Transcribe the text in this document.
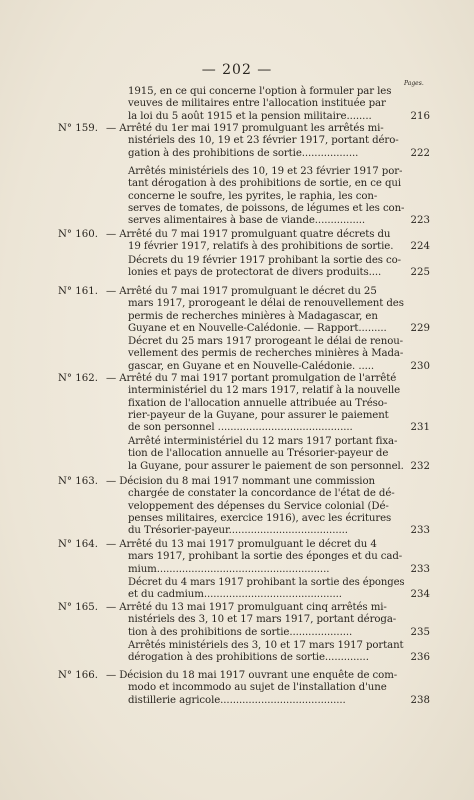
— 202 —
Pages.
1915, en ce qui concerne l'option à formuler par les
veuves de militaires entre l'allocation instituée par
la loi du 5 août 1915 et la pension militaire........	216
N° 159. — Arrêté du 1er mai 1917 promulguant les arrêtés mi-
nistériels des 10, 19 et 23 février 1917, portant déro-
gation à des prohibitions de sortie..................	222
Arrêtés ministériels des 10, 19 et 23 février 1917 por-
tant dérogation à des prohibitions de sortie, en ce qui
concerne le soufre, les pyrites, le raphia, les con-
serves de tomates, de poissons, de légumes et les con-
serves alimentaires à base de viande................	223
N° 160. — Arrêté du 7 mai 1917 promulguant quatre décrets du
19 février 1917, relatifs à des prohibitions de sortie.	224
Décrets du 19 février 1917 prohibant la sortie des co-
lonies et pays de protectorat de divers produits....	225
N° 161. — Arrêté du 7 mai 1917 promulguant le décret du 25
mars 1917, prorogeant le délai de renouvellement des
permis de recherches minières à Madagascar, en
Guyane et en Nouvelle-Calédonie. — Rapport.........	229
Décret du 25 mars 1917 prorogeant le délai de renou-
vellement des permis de recherches minières à Mada-
gascar, en Guyane et en Nouvelle-Calédonie. .....	230
N° 162. — Arrêté du 7 mai 1917 portant promulgation de l'arrêté
interministériel du 12 mars 1917, relatif à la nouvelle
fixation de l'allocation annuelle attribuée au Tréso-
rier-payeur de la Guyane, pour assurer le paiement
de son personnel ...........................................	231
Arrêté interministériel du 12 mars 1917 portant fixa-
tion de l'allocation annuelle au Trésorier-payeur de
la Guyane, pour assurer le paiement de son personnel. 232
N° 163. — Décision du 8 mai 1917 nommant une commission
chargée de constater la concordance de l'état de dé-
veloppement des dépenses du Service colonial (Dé-
penses militaires, exercice 1916), avec les écritures
du Trésorier-payeur......................................	233
N° 164. — Arrêté du 13 mai 1917 promulguant le décret du 4
mars 1917, prohibant la sortie des éponges et du cad-
mium.......................................................	233
Décret du 4 mars 1917 prohibant la sortie des éponges
et du cadmium............................................	234
N° 165. — Arrêté du 13 mai 1917 promulguant cinq arrêtés mi-
nistériels des 3, 10 et 17 mars 1917, portant déroga-
tion à des prohibitions de sortie....................	235
Arrêtés ministériels des 3, 10 et 17 mars 1917 portant
dérogation à des prohibitions de sortie..............	236
N° 166. — Décision du 18 mai 1917 ouvrant une enquête de com-
modo et incommodo au sujet de l'installation d'une
distillerie agricole........................................	238
